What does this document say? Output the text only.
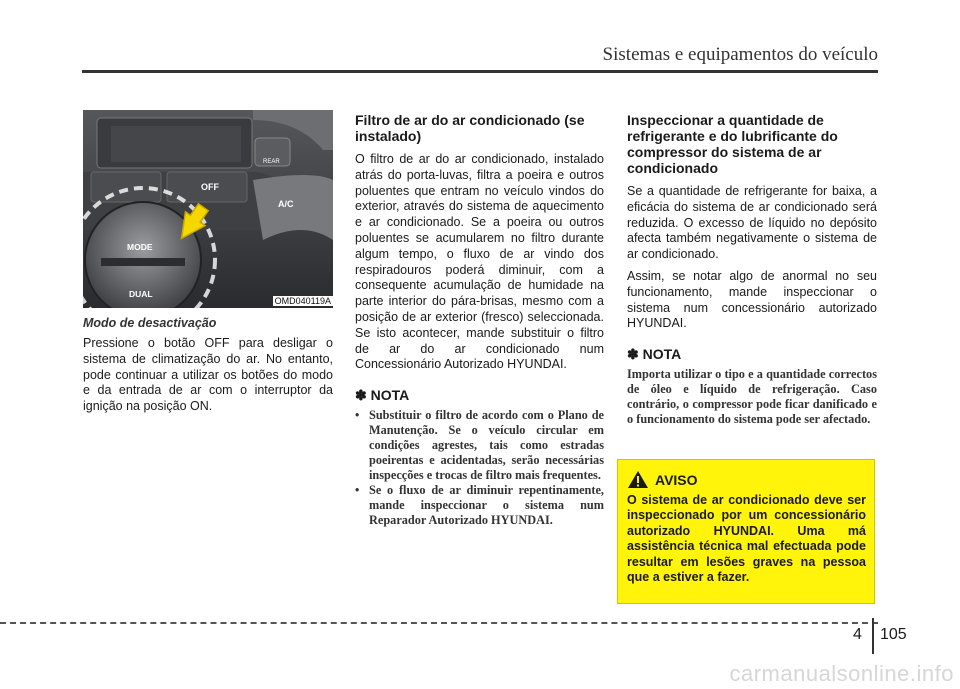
Sistemas e equipamentos do veículo
OFF
REAR
A/C
MODE
DUAL
OMD040119A
Modo de desactivação

Pressione o botão OFF para desligar o sistema de climatização do ar. No entanto, pode continuar a utilizar os botões do modo e da entrada de ar com o interruptor da ignição na posição ON.

Filtro de ar do ar condicionado (se instalado)

O filtro de ar do ar condicionado, instalado atrás do porta-luvas, filtra a poeira e outros poluentes que entram no veículo vindos do exterior, através do sistema de aquecimento e ar condicionado. Se a poeira ou outros poluentes se acumularem no filtro durante algum tempo, o fluxo de ar vindo dos respiradouros poderá diminuir, com a consequente acumulação de humidade na parte interior do pára-brisas, mesmo com a posição de ar exterior (fresco) seleccionada. Se isto acontecer, mande substituir o filtro de ar do ar condicionado num Concessionário Autorizado HYUNDAI.

✽ NOTA
• Substituir o filtro de acordo com o Plano de Manutenção. Se o veículo circular em condições agrestes, tais como estradas poeirentas e acidentadas, serão necessárias inspecções e trocas de filtro mais frequentes.
• Se o fluxo de ar diminuir repentinamente, mande inspeccionar o sistema num Reparador Autorizado HYUNDAI.
Inspeccionar a quantidade de refrigerante e do lubrificante do compressor do sistema de ar condicionado

Se a quantidade de refrigerante for baixa, a eficácia do sistema de ar condicionado será reduzida. O excesso de líquido no depósito afecta também negativamente o sistema de ar condicionado.

Assim, se notar algo de anormal no seu funcionamento, mande inspeccionar o sistema num concessionário autorizado HYUNDAI.

✽ NOTA
Importa utilizar o tipo e a quantidade correctos de óleo e líquido de refrigeração. Caso contrário, o compressor pode ficar danificado e o funcionamento do sistema pode ser afectado.
AVISO
O sistema de ar condicionado deve ser inspeccionado por um concessionário autorizado HYUNDAI. Uma má assistência técnica mal efectuada pode resultar em lesões graves na pessoa que a estiver a fazer.
4 105
carmanualsonline.info
